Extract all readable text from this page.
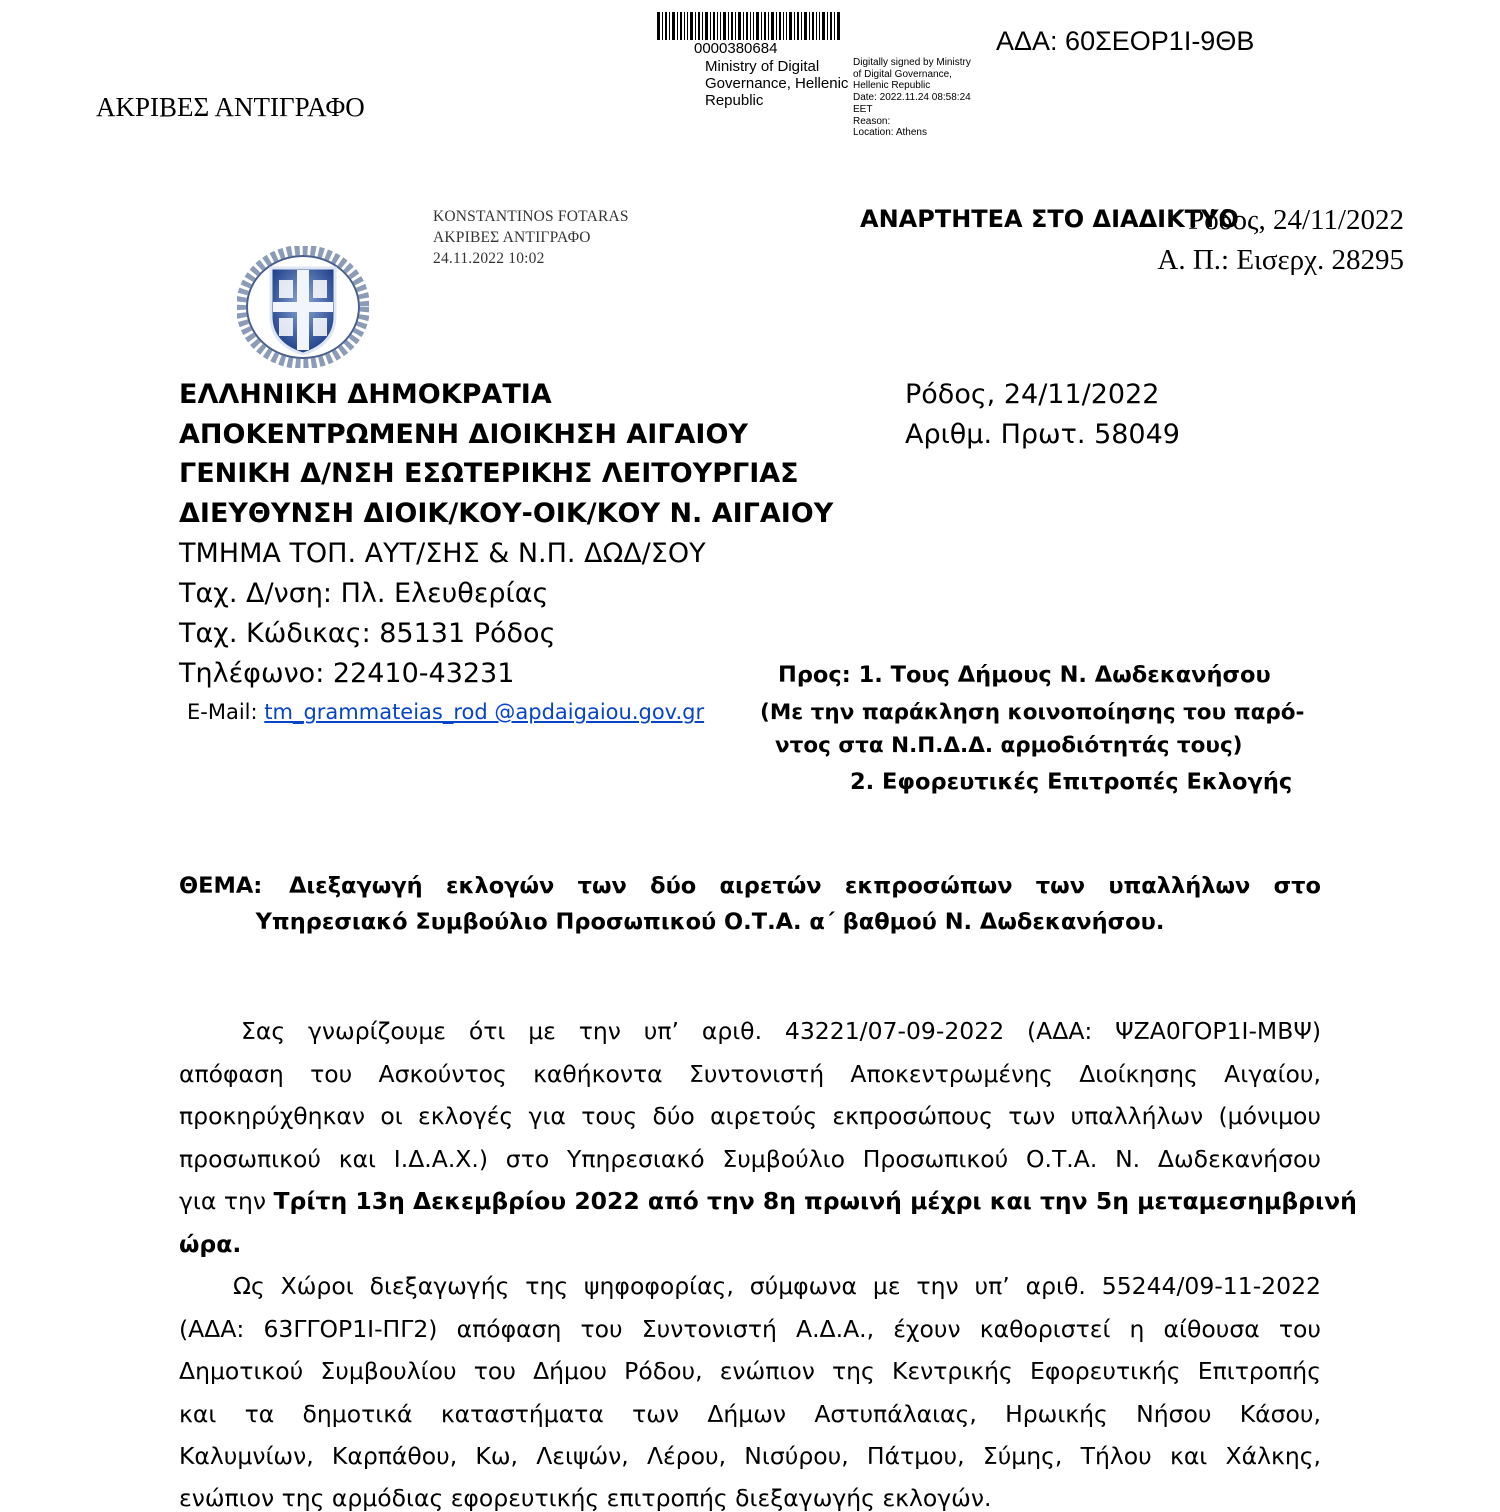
0000380684
Ministry of Digital Governance, Hellenic Republic
Digitally signed by Ministry
of Digital Governance,
Hellenic Republic
Date: 2022.11.24 08:58:24
EET
Reason:
Location: Athens
ΑΔΑ: 60ΣΕΟΡ1Ι-9ΘΒ
ΑΚΡΙΒΕΣ ΑΝΤΙΓΡΑΦΟ
KONSTANTINOS FOTARAS
ΑΚΡΙΒΕΣ ΑΝΤΙΓΡΑΦΟ
24.11.2022 10:02
ΑΝΑΡΤΗΤΕΑ ΣΤΟ ΔΙΑΔΙΚΤΥΟ
Ρόδος, 24/11/2022
Α. Π.: Εισερχ. 28295
ΕΛΛΗΝΙΚΗ ΔΗΜΟΚΡΑΤΙΑ
ΑΠΟΚΕΝΤΡΩΜΕΝΗ ΔΙΟΙΚΗΣΗ ΑΙΓΑΙΟΥ
ΓΕΝΙΚΗ Δ/ΝΣΗ ΕΣΩΤΕΡΙΚΗΣ ΛΕΙΤΟΥΡΓΙΑΣ
ΔΙΕΥΘΥΝΣΗ ΔΙΟΙΚ/ΚΟΥ-ΟΙΚ/ΚΟΥ Ν. ΑΙΓΑΙΟΥ
ΤΜΗΜΑ ΤΟΠ. ΑΥΤ/ΣΗΣ & Ν.Π. ΔΩΔ/ΣΟΥ
Ταχ. Δ/νση: Πλ. Ελευθερίας
Ταχ. Κώδικας: 85131 Ρόδος
Τηλέφωνο: 22410-43231
E-Mail: tm_grammateias_rod @apdaigaiou.gov.gr
Ρόδος, 24/11/2022
Αριθμ. Πρωτ. 58049
Προς: 1. Τους Δήμους Ν. Δωδεκανήσου
(Με την παράκληση κοινοποίησης του παρό-
ντος στα Ν.Π.Δ.Δ. αρμοδιότητάς τους)
2. Εφορευτικές Επιτροπές Εκλογής
ΘΕΜΑ: Διεξαγωγή εκλογών των δύο αιρετών εκπροσώπων των υπαλλήλων στο
Υπηρεσιακό Συμβούλιο Προσωπικού Ο.Τ.Α. α΄ βαθμού Ν. Δωδεκανήσου.
Σας γνωρίζουμε ότι με την υπ’ αριθ. 43221/07-09-2022 (ΑΔΑ: ΨΖΑ0ΓΟΡ1Ι-ΜΒΨ)
απόφαση του Ασκούντος καθήκοντα Συντονιστή Αποκεντρωμένης Διοίκησης Αιγαίου,
προκηρύχθηκαν οι εκλογές για τους δύο αιρετούς εκπροσώπους των υπαλλήλων (μόνιμου
προσωπικού και Ι.Δ.Α.Χ.) στο Υπηρεσιακό Συμβούλιο Προσωπικού Ο.Τ.Α. Ν. Δωδεκανήσου
για την Τρίτη 13η Δεκεμβρίου 2022 από την 8η πρωινή μέχρι και την 5η μεταμεσημβρινή
ώρα.
Ως Χώροι διεξαγωγής της ψηφοφορίας, σύμφωνα με την υπ’ αριθ. 55244/09-11-2022
(ΑΔΑ: 63ΓΓΟΡ1Ι-ΠΓ2) απόφαση του Συντονιστή Α.Δ.Α., έχουν καθοριστεί η αίθουσα του
Δημοτικού Συμβουλίου του Δήμου Ρόδου, ενώπιον της Κεντρικής Εφορευτικής Επιτροπής
και τα δημοτικά καταστήματα των Δήμων Αστυπάλαιας, Ηρωικής Νήσου Κάσου,
Καλυμνίων, Καρπάθου, Κω, Λειψών, Λέρου, Νισύρου, Πάτμου, Σύμης, Τήλου και Χάλκης,
ενώπιον της αρμόδιας εφορευτικής επιτροπής διεξαγωγής εκλογών.
